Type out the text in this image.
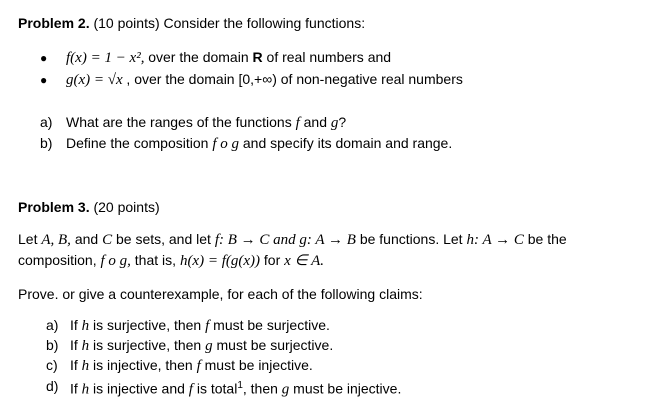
Problem 2. (10 points) Consider the following functions:
● f(x) = 1 − x², over the domain R of real numbers and
● g(x) = √x , over the domain [0,+∞) of non-negative real numbers
a) What are the ranges of the functions f and g?
b) Define the composition f o g and specify its domain and range.
Problem 3. (20 points)
Let A, B, and C be sets, and let f: B → C and g: A → B be functions. Let h: A → C be the
composition, f o g, that is, h(x) = f(g(x)) for x ∈ A.
Prove. or give a counterexample, for each of the following claims:
a) If h is surjective, then f must be surjective.
b) If h is surjective, then g must be surjective.
c) If h is injective, then f must be injective.
d) If h is injective and f is total$^1$, then g must be injective.
